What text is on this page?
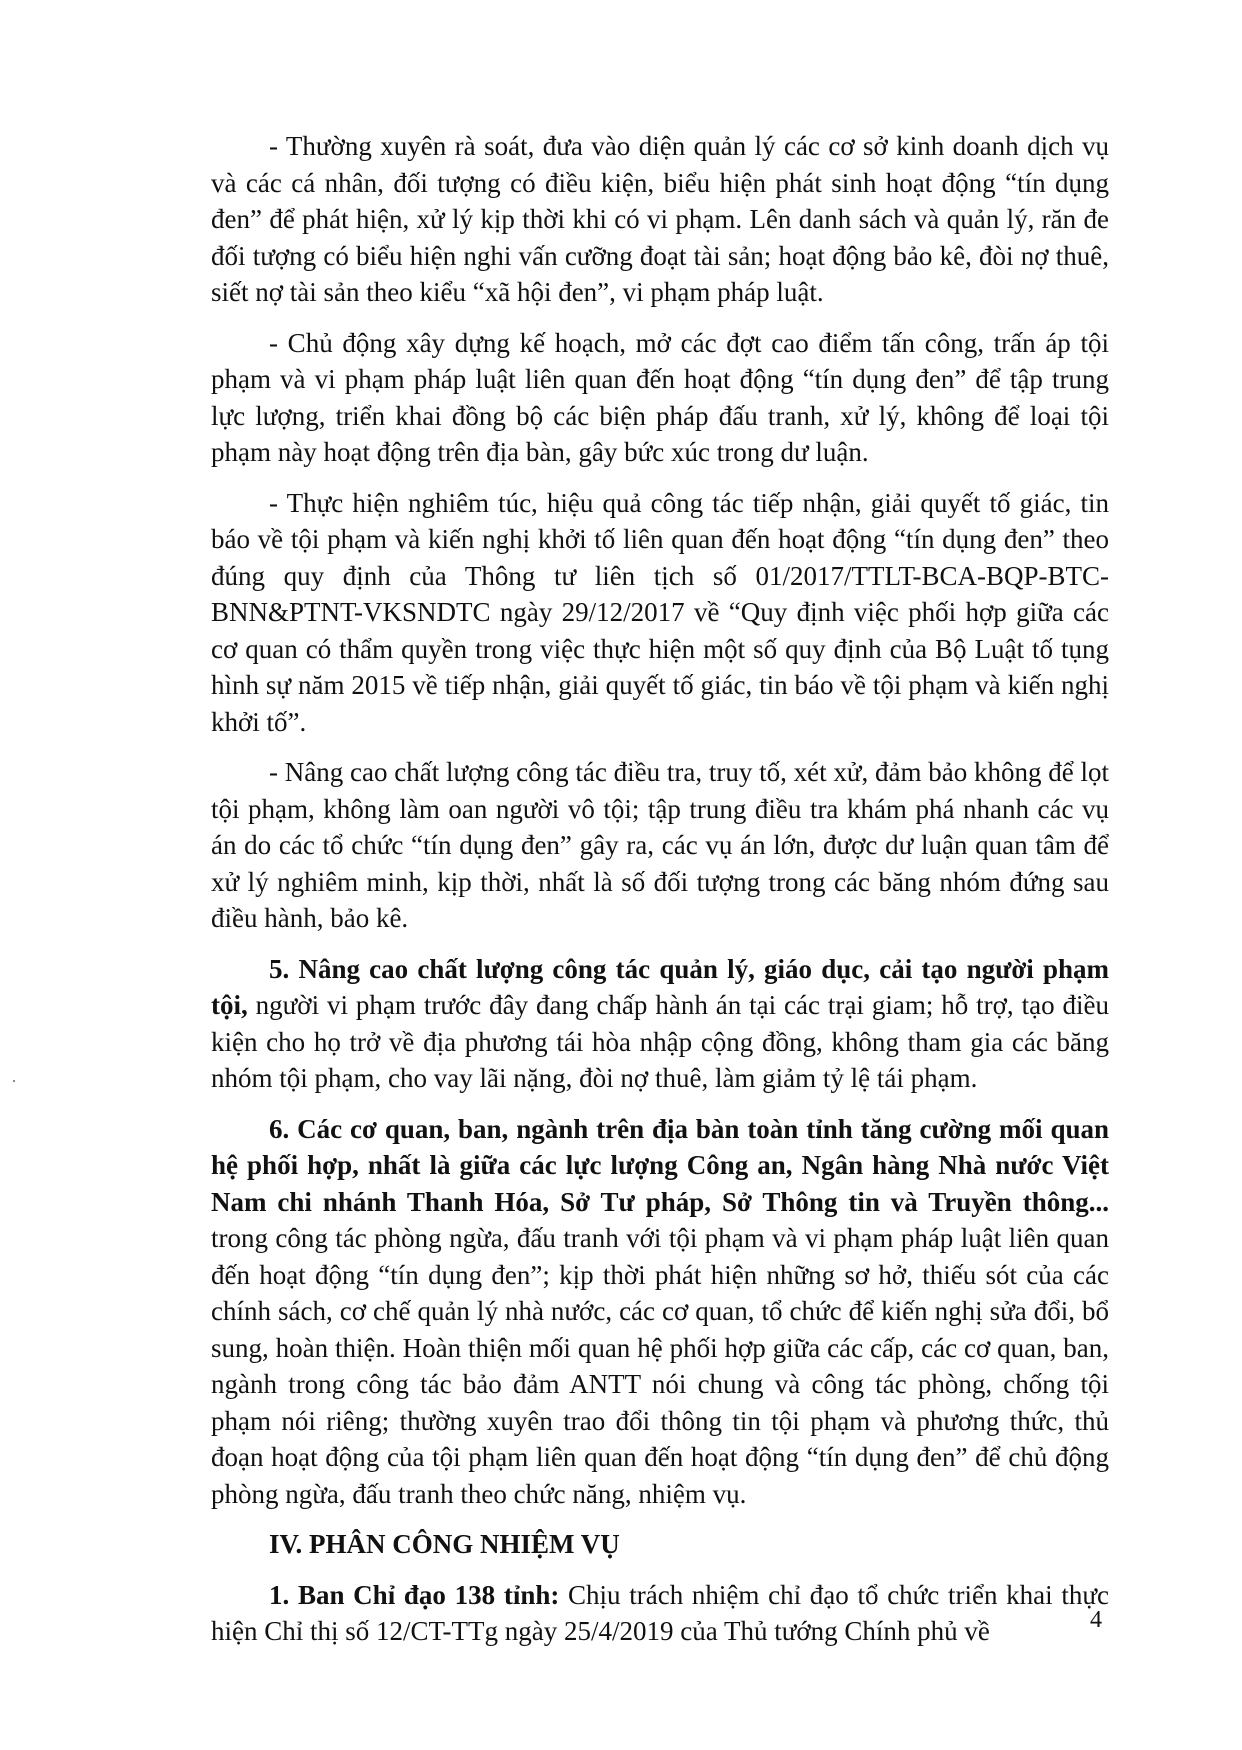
- Thường xuyên rà soát, đưa vào diện quản lý các cơ sở kinh doanh dịch vụ và các cá nhân, đối tượng có điều kiện, biểu hiện phát sinh hoạt động “tín dụng đen” để phát hiện, xử lý kịp thời khi có vi phạm. Lên danh sách và quản lý, răn đe đối tượng có biểu hiện nghi vấn cưỡng đoạt tài sản; hoạt động bảo kê, đòi nợ thuê, siết nợ tài sản theo kiểu “xã hội đen”, vi phạm pháp luật.

- Chủ động xây dựng kế hoạch, mở các đợt cao điểm tấn công, trấn áp tội phạm và vi phạm pháp luật liên quan đến hoạt động “tín dụng đen” để tập trung lực lượng, triển khai đồng bộ các biện pháp đấu tranh, xử lý, không để loại tội phạm này hoạt động trên địa bàn, gây bức xúc trong dư luận.

- Thực hiện nghiêm túc, hiệu quả công tác tiếp nhận, giải quyết tố giác, tin báo về tội phạm và kiến nghị khởi tố liên quan đến hoạt động “tín dụng đen” theo đúng quy định của Thông tư liên tịch số 01/2017/TTLT-BCA-BQP-BTC-BNN&PTNT-VKSNDTC ngày 29/12/2017 về “Quy định việc phối hợp giữa các cơ quan có thẩm quyền trong việc thực hiện một số quy định của Bộ Luật tố tụng hình sự năm 2015 về tiếp nhận, giải quyết tố giác, tin báo về tội phạm và kiến nghị khởi tố”.

- Nâng cao chất lượng công tác điều tra, truy tố, xét xử, đảm bảo không để lọt tội phạm, không làm oan người vô tội; tập trung điều tra khám phá nhanh các vụ án do các tổ chức “tín dụng đen” gây ra, các vụ án lớn, được dư luận quan tâm để xử lý nghiêm minh, kịp thời, nhất là số đối tượng trong các băng nhóm đứng sau điều hành, bảo kê.

5. Nâng cao chất lượng công tác quản lý, giáo dục, cải tạo người phạm tội, người vi phạm trước đây đang chấp hành án tại các trại giam; hỗ trợ, tạo điều kiện cho họ trở về địa phương tái hòa nhập cộng đồng, không tham gia các băng nhóm tội phạm, cho vay lãi nặng, đòi nợ thuê, làm giảm tỷ lệ tái phạm.

6. Các cơ quan, ban, ngành trên địa bàn toàn tỉnh tăng cường mối quan hệ phối hợp, nhất là giữa các lực lượng Công an, Ngân hàng Nhà nước Việt Nam chi nhánh Thanh Hóa, Sở Tư pháp, Sở Thông tin và Truyền thông... trong công tác phòng ngừa, đấu tranh với tội phạm và vi phạm pháp luật liên quan đến hoạt động “tín dụng đen”; kịp thời phát hiện những sơ hở, thiếu sót của các chính sách, cơ chế quản lý nhà nước, các cơ quan, tổ chức để kiến nghị sửa đổi, bổ sung, hoàn thiện. Hoàn thiện mối quan hệ phối hợp giữa các cấp, các cơ quan, ban, ngành trong công tác bảo đảm ANTT nói chung và công tác phòng, chống tội phạm nói riêng; thường xuyên trao đổi thông tin tội phạm và phương thức, thủ đoạn hoạt động của tội phạm liên quan đến hoạt động “tín dụng đen” để chủ động phòng ngừa, đấu tranh theo chức năng, nhiệm vụ.

IV. PHÂN CÔNG NHIỆM VỤ

1. Ban Chỉ đạo 138 tỉnh: Chịu trách nhiệm chỉ đạo tổ chức triển khai thực hiện Chỉ thị số 12/CT-TTg ngày 25/4/2019 của Thủ tướng Chính phủ về	4
